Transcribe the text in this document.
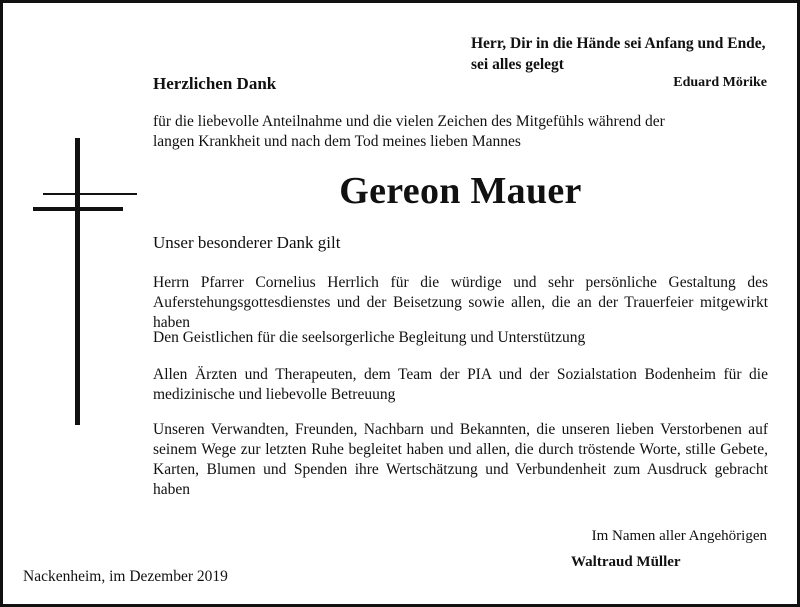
Herr, Dir in die Hände sei Anfang und Ende, sei alles gelegt
Eduard Mörike
Herzlichen Dank
für die liebevolle Anteilnahme und die vielen Zeichen des Mitgefühls während der langen Krankheit und nach dem Tod meines lieben Mannes
Gereon Mauer
Unser besonderer Dank gilt
Herrn Pfarrer Cornelius Herrlich für die würdige und sehr persönliche Gestaltung des Auferstehungsgottesdienstes und der Beisetzung sowie allen, die an der Trauerfeier mitgewirkt haben
Den Geistlichen für die seelsorgerliche Begleitung und Unterstützung
Allen Ärzten und Therapeuten, dem Team der PIA und der Sozialstation Bodenheim für die medizinische und liebevolle Betreuung
Unseren Verwandten, Freunden, Nachbarn und Bekannten, die unseren lieben Verstorbenen auf seinem Wege zur letzten Ruhe begleitet haben und allen, die durch tröstende Worte, stille Gebete, Karten, Blumen und Spenden ihre Wertschätzung und Verbundenheit zum Ausdruck gebracht haben
Im Namen aller Angehörigen
Waltraud Müller
Nackenheim, im Dezember 2019
